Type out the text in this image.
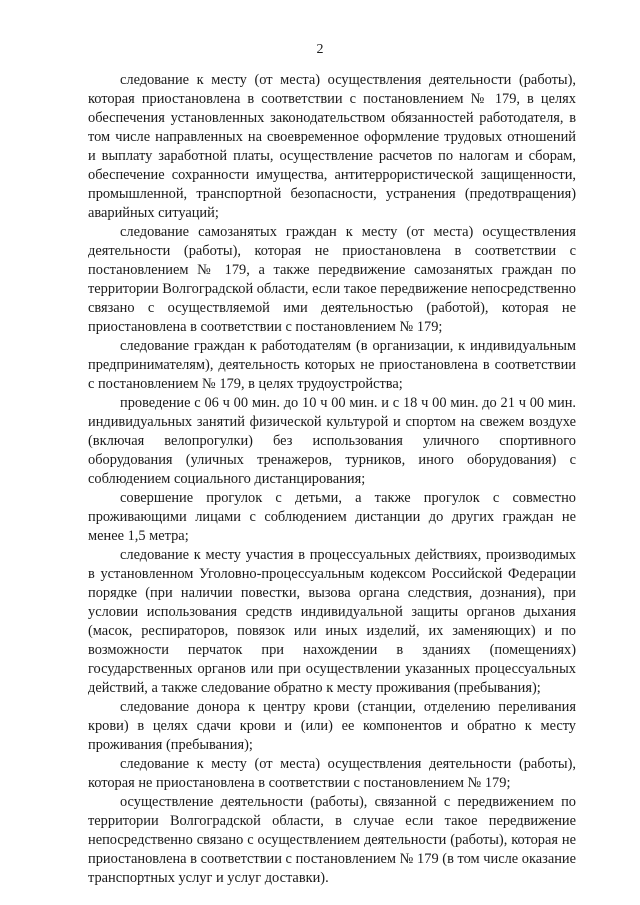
2

следование к месту (от места) осуществления деятельности (работы), которая приостановлена в соответствии с постановлением № 179, в целях обеспечения установленных законодательством обязанностей работодателя, в том числе направленных на своевременное оформление трудовых отношений и выплату заработной платы, осуществление расчетов по налогам и сборам, обеспечение сохранности имущества, антитеррористической защищенности, промышленной, транспортной безопасности, устранения (предотвращения) аварийных ситуаций;

следование самозанятых граждан к месту (от места) осуществления деятельности (работы), которая не приостановлена в соответствии с постановлением № 179, а также передвижение самозанятых граждан по территории Волгоградской области, если такое передвижение непосредственно связано с осуществляемой ими деятельностью (работой), которая не приостановлена в соответствии с постановлением № 179;

следование граждан к работодателям (в организации, к индивидуальным предпринимателям), деятельность которых не приостановлена в соответствии с постановлением № 179, в целях трудоустройства;

проведение с 06 ч 00 мин. до 10 ч 00 мин. и с 18 ч 00 мин. до 21 ч 00 мин. индивидуальных занятий физической культурой и спортом на свежем воздухе (включая велопрогулки) без использования уличного спортивного оборудования (уличных тренажеров, турников, иного оборудования) с соблюдением социального дистанцирования;

совершение прогулок с детьми, а также прогулок с совместно проживающими лицами с соблюдением дистанции до других граждан не менее 1,5 метра;

следование к месту участия в процессуальных действиях, производимых в установленном Уголовно-процессуальным кодексом Российской Федерации порядке (при наличии повестки, вызова органа следствия, дознания), при условии использования средств индивидуальной защиты органов дыхания (масок, респираторов, повязок или иных изделий, их заменяющих) и по возможности перчаток при нахождении в зданиях (помещениях) государственных органов или при осуществлении указанных процессуальных действий, а также следование обратно к месту проживания (пребывания);

следование донора к центру крови (станции, отделению переливания крови) в целях сдачи крови и (или) ее компонентов и обратно к месту проживания (пребывания);

следование к месту (от места) осуществления деятельности (работы), которая не приостановлена в соответствии с постановлением № 179;

осуществление деятельности (работы), связанной с передвижением по территории Волгоградской области, в случае если такое передвижение непосредственно связано с осуществлением деятельности (работы), которая не приостановлена в соответствии с постановлением № 179 (в том числе оказание транспортных услуг и услуг доставки).
